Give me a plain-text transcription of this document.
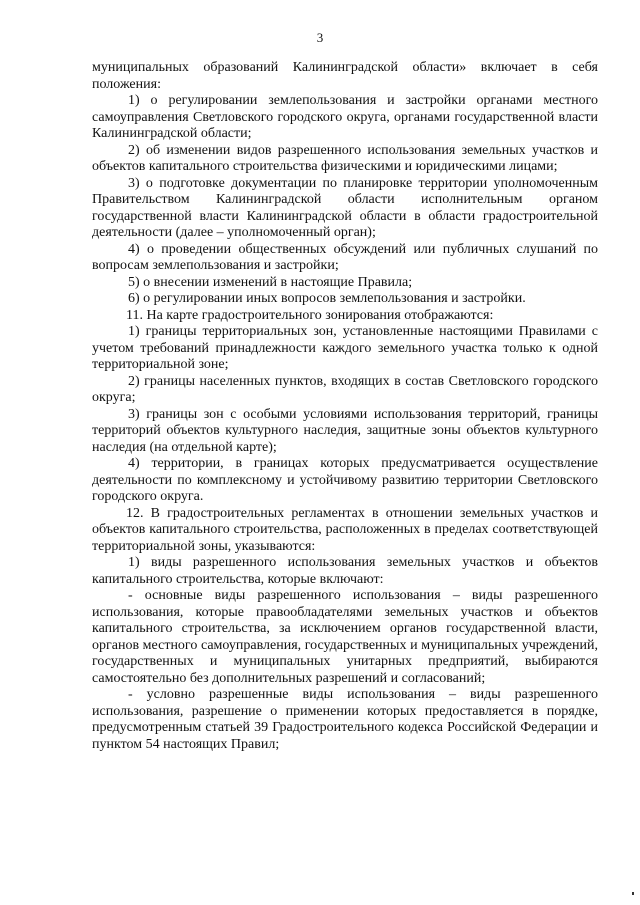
3

муниципальных образований Калининградской области» включает в себя положения:

1) о регулировании землепользования и застройки органами местного самоуправления Светловского городского округа, органами государственной власти Калининградской области;

2) об изменении видов разрешенного использования земельных участков и объектов капитального строительства физическими и юридическими лицами;

3) о подготовке документации по планировке территории уполномоченным Правительством Калининградской области исполнительным органом государственной власти Калининградской области в области градостроительной деятельности (далее – уполномоченный орган);

4) о проведении общественных обсуждений или публичных слушаний по вопросам землепользования и застройки;

5) о внесении изменений в настоящие Правила;

6) о регулировании иных вопросов землепользования и застройки.

11. На карте градостроительного зонирования отображаются:

1) границы территориальных зон, установленные настоящими Правилами с учетом требований принадлежности каждого земельного участка только к одной территориальной зоне;

2) границы населенных пунктов, входящих в состав Светловского городского округа;

3) границы зон с особыми условиями использования территорий, границы территорий объектов культурного наследия, защитные зоны объектов культурного наследия (на отдельной карте);

4) территории, в границах которых предусматривается осуществление деятельности по комплексному и устойчивому развитию территории Светловского городского округа.

12. В градостроительных регламентах в отношении земельных участков и объектов капитального строительства, расположенных в пределах соответствующей территориальной зоны, указываются:

1) виды разрешенного использования земельных участков и объектов капитального строительства, которые включают:

- основные виды разрешенного использования – виды разрешенного использования, которые правообладателями земельных участков и объектов капитального строительства, за исключением органов государственной власти, органов местного самоуправления, государственных и муниципальных учреждений, государственных и муниципальных унитарных предприятий, выбираются самостоятельно без дополнительных разрешений и согласований;

- условно разрешенные виды использования – виды разрешенного использования, разрешение о применении которых предоставляется в порядке, предусмотренным статьей 39 Градостроительного кодекса Российской Федерации и пунктом 54 настоящих Правил;
